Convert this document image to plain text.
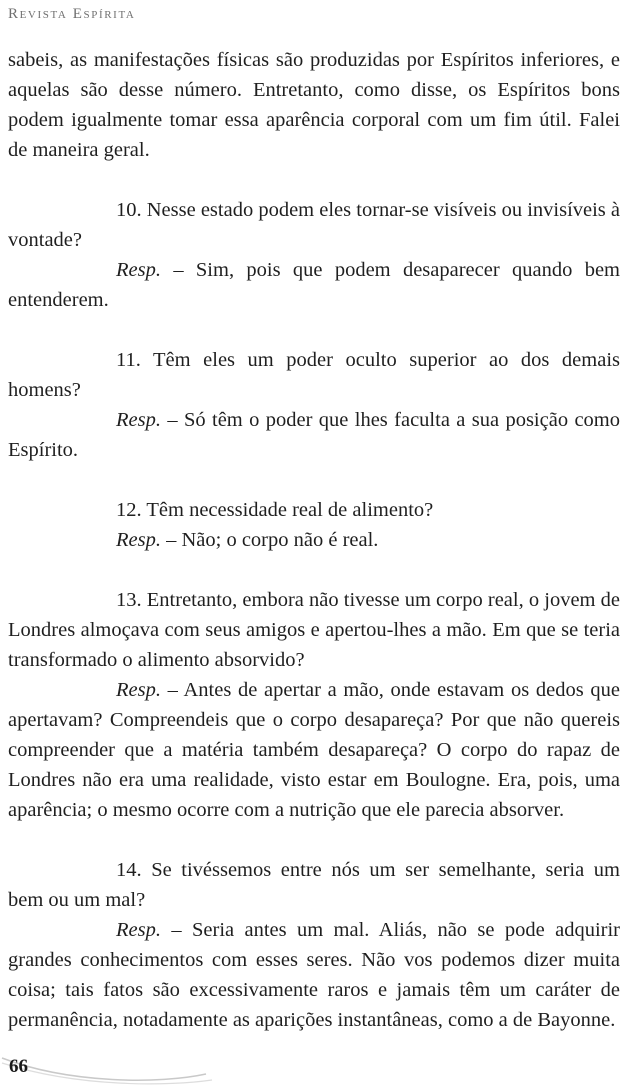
Revista Espírita

sabeis, as manifestações físicas são produzidas por Espíritos inferiores, e aquelas são desse número. Entretanto, como disse, os Espíritos bons podem igualmente tomar essa aparência corporal com um fim útil. Falei de maneira geral.

10. Nesse estado podem eles tornar-se visíveis ou invisíveis à vontade?

Resp. – Sim, pois que podem desaparecer quando bem entenderem.

11. Têm eles um poder oculto superior ao dos demais homens?

Resp. – Só têm o poder que lhes faculta a sua posição como Espírito.

12. Têm necessidade real de alimento?

Resp. – Não; o corpo não é real.

13. Entretanto, embora não tivesse um corpo real, o jovem de Londres almoçava com seus amigos e apertou-lhes a mão. Em que se teria transformado o alimento absorvido?

Resp. – Antes de apertar a mão, onde estavam os dedos que apertavam? Compreendeis que o corpo desapareça? Por que não quereis compreender que a matéria também desapareça? O corpo do rapaz de Londres não era uma realidade, visto estar em Boulogne. Era, pois, uma aparência; o mesmo ocorre com a nutrição que ele parecia absorver.

14. Se tivéssemos entre nós um ser semelhante, seria um bem ou um mal?

Resp. – Seria antes um mal. Aliás, não se pode adquirir grandes conhecimentos com esses seres. Não vos podemos dizer muita coisa; tais fatos são excessivamente raros e jamais têm um caráter de permanência, notadamente as aparições instantâneas, como a de Bayonne.

66
